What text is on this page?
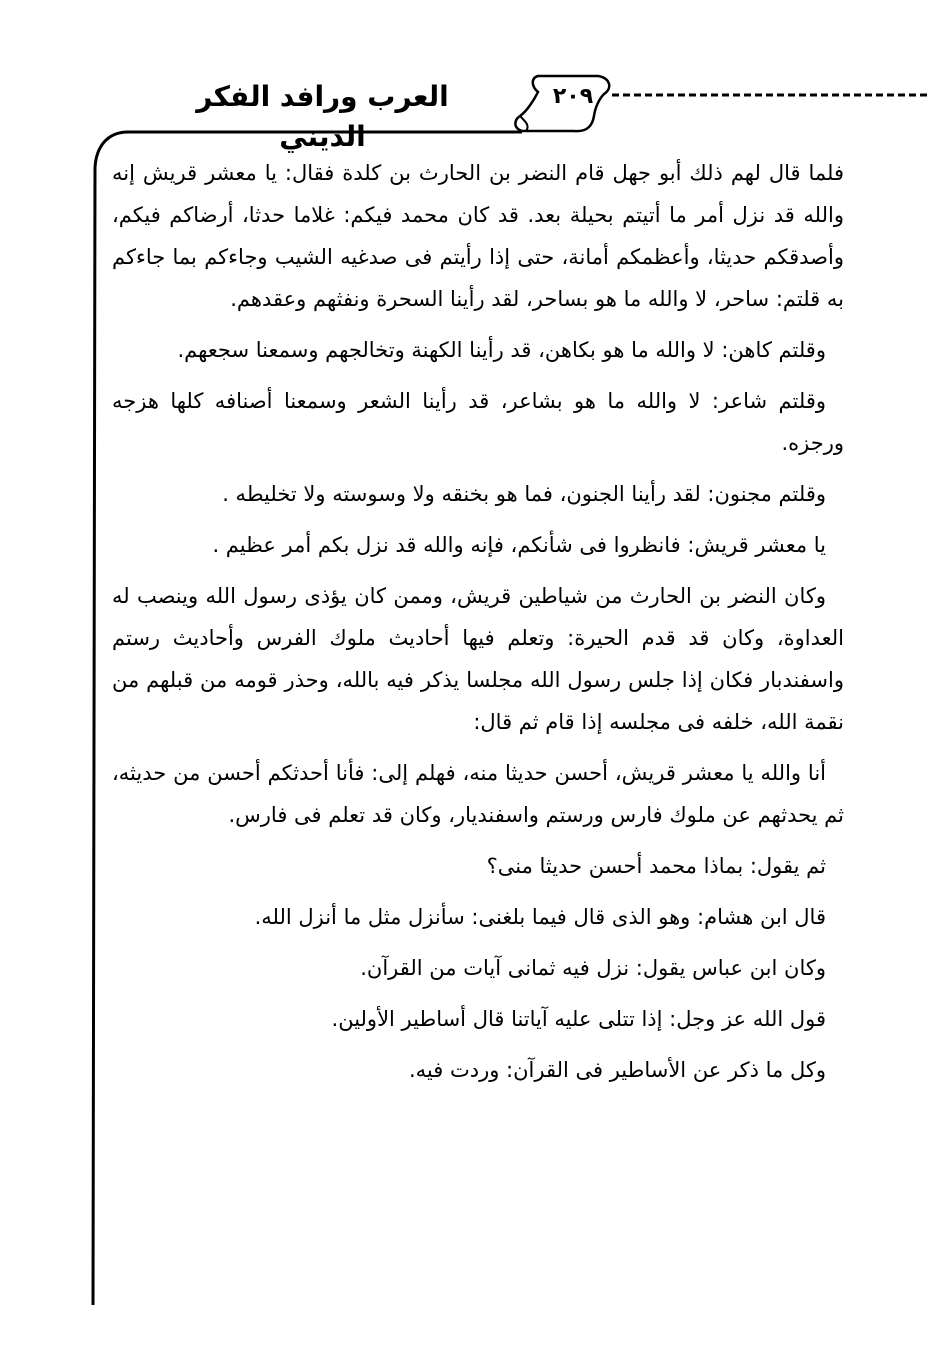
العرب ورافد الفكر الديني
٢٠٩

فلما قال لهم ذلك أبو جهل قام النضر بن الحارث بن كلدة فقال: يا معشر قريش إنه والله قد نزل أمر ما أتيتم بحيلة بعد. قد كان محمد فيكم: غلاما حدثا، أرضاكم فيكم، وأصدقكم حديثا، وأعظمكم أمانة، حتى إذا رأيتم فى صدغيه الشيب وجاءكم بما جاءكم به قلتم: ساحر، لا والله ما هو بساحر، لقد رأينا السحرة ونفثهم وعقدهم.

وقلتم كاهن: لا والله ما هو بكاهن، قد رأينا الكهنة وتخالجهم وسمعنا سجعهم.

وقلتم شاعر: لا والله ما هو بشاعر، قد رأينا الشعر وسمعنا أصنافه كلها هزجه ورجزه.

وقلتم مجنون: لقد رأينا الجنون، فما هو بخنقه ولا وسوسته ولا تخليطه .

يا معشر قريش: فانظروا فى شأنكم، فإنه والله قد نزل بكم أمر عظيم .

وكان النضر بن الحارث من شياطين قريش، وممن كان يؤذى رسول الله وينصب له العداوة، وكان قد قدم الحيرة: وتعلم فيها أحاديث ملوك الفرس وأحاديث رستم واسفندبار فكان إذا جلس رسول الله مجلسا يذكر فيه بالله، وحذر قومه من قبلهم من نقمة الله، خلفه فى مجلسه إذا قام ثم قال:

أنا والله يا معشر قريش، أحسن حديثا منه، فهلم إلى: فأنا أحدثكم أحسن من حديثه، ثم يحدثهم عن ملوك فارس ورستم واسفنديار، وكان قد تعلم فى فارس.

ثم يقول: بماذا محمد أحسن حديثا منى؟

قال ابن هشام: وهو الذى قال فيما بلغنى: سأنزل مثل ما أنزل الله.

وكان ابن عباس يقول: نزل فيه ثمانى آيات من القرآن.

قول الله عز وجل: إذا تتلى عليه آياتنا قال أساطير الأولين.

وكل ما ذكر عن الأساطير فى القرآن: وردت فيه.
